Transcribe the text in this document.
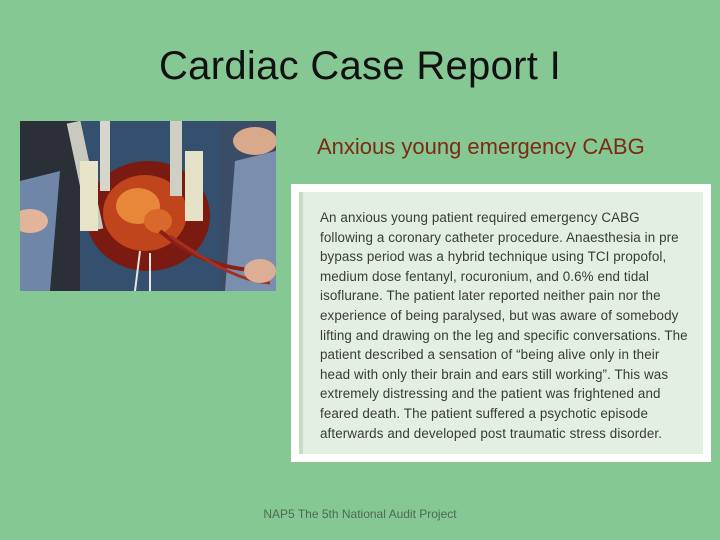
Cardiac Case Report I
Anxious young emergency CABG
An anxious young patient required emergency CABG following a coronary catheter procedure. Anaesthesia in pre bypass period was a hybrid technique using TCI propofol, medium dose fentanyl, rocuronium, and 0.6% end tidal isoflurane. The patient later reported neither pain nor the experience of being paralysed, but was aware of somebody lifting and drawing on the leg and specific conversations. The patient described a sensation of “being alive only in their head with only their brain and ears still working”. This was extremely distressing and the patient was frightened and feared death. The patient suffered a psychotic episode afterwards and developed post traumatic stress disorder.
NAP5 The 5th National Audit Project
